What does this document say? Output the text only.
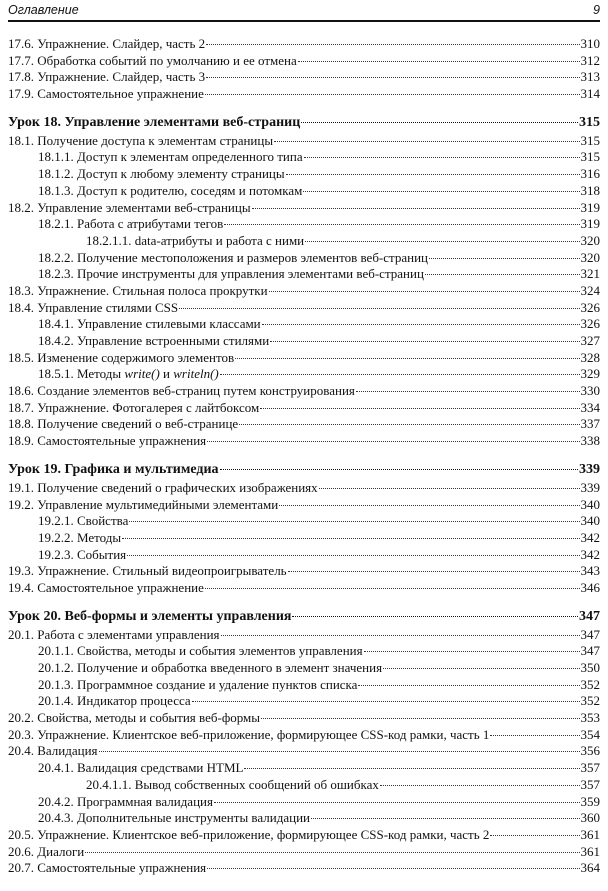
Оглавление	9
17.6. Упражнение. Слайдер, часть 2	310
17.7. Обработка событий по умолчанию и ее отмена	312
17.8. Упражнение. Слайдер, часть 3	313
17.9. Самостоятельное упражнение	314
Урок 18. Управление элементами веб-страниц	315
18.1. Получение доступа к элементам страницы	315
18.1.1. Доступ к элементам определенного типа	315
18.1.2. Доступ к любому элементу страницы	316
18.1.3. Доступ к родителю, соседям и потомкам	318
18.2. Управление элементами веб-страницы	319
18.2.1. Работа с атрибутами тегов	319
18.2.1.1. data-атрибуты и работа с ними	320
18.2.2. Получение местоположения и размеров элементов веб-страниц	320
18.2.3. Прочие инструменты для управления элементами веб-страниц	321
18.3. Упражнение. Стильная полоса прокрутки	324
18.4. Управление стилями CSS	326
18.4.1. Управление стилевыми классами	326
18.4.2. Управление встроенными стилями	327
18.5. Изменение содержимого элементов	328
18.5.1. Методы write() и writeln()	329
18.6. Создание элементов веб-страниц путем конструирования	330
18.7. Упражнение. Фотогалерея с лайтбоксом	334
18.8. Получение сведений о веб-странице	337
18.9. Самостоятельные упражнения	338
Урок 19. Графика и мультимедиа	339
19.1. Получение сведений о графических изображениях	339
19.2. Управление мультимедийными элементами	340
19.2.1. Свойства	340
19.2.2. Методы	342
19.2.3. События	342
19.3. Упражнение. Стильный видеопроигрыватель	343
19.4. Самостоятельное упражнение	346
Урок 20. Веб-формы и элементы управления	347
20.1. Работа с элементами управления	347
20.1.1. Свойства, методы и события элементов управления	347
20.1.2. Получение и обработка введенного в элемент значения	350
20.1.3. Программное создание и удаление пунктов списка	352
20.1.4. Индикатор процесса	352
20.2. Свойства, методы и события веб-формы	353
20.3. Упражнение. Клиентское веб-приложение, формирующее CSS-код рамки, часть 1	354
20.4. Валидация	356
20.4.1. Валидация средствами HTML	357
20.4.1.1. Вывод собственных сообщений об ошибках	357
20.4.2. Программная валидация	359
20.4.3. Дополнительные инструменты валидации	360
20.5. Упражнение. Клиентское веб-приложение, формирующее CSS-код рамки, часть 2	361
20.6. Диалоги	361
20.7. Самостоятельные упражнения	364
